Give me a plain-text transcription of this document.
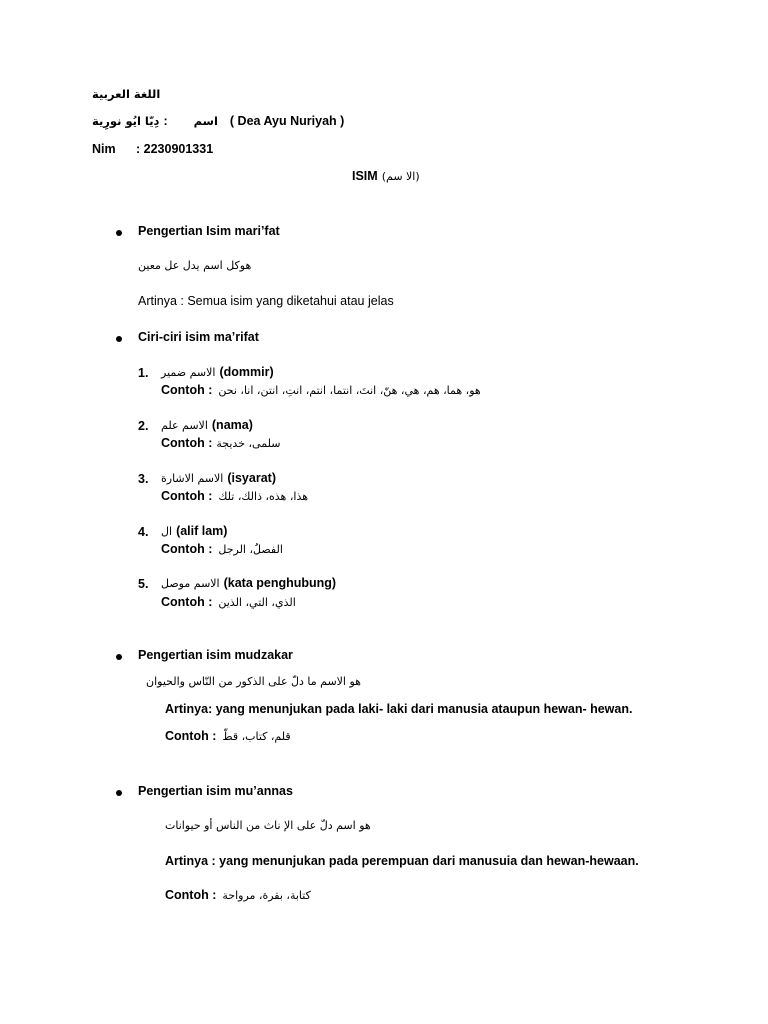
اللغة العربية
دِيّا ايُو نورِية : اسم ( Dea Ayu Nuriyah )
Nim	: 2230901331
ISIM (الا سم)
Pengertian Isim mari’fat
هوكل اسم يدل عل معين
Artinya : Semua isim yang diketahui atau jelas
Ciri-ciri isim ma’rifat
1. الاسم ضمير (dommir)
Contoh : هو، هما، هم، هي، هنّ، انتَ، انتما، انتم، انتِ، انتن، انا، نحن
2. الاسم علم (nama)
Contoh : سلمى، خديجة
3. الاسم الاشارة (isyarat)
Contoh : هذا، هذه، ذالك، تلك
4. ال (alif lam)
Contoh : الفصلُ، الرجل
5. الاسم موصل (kata penghubung)
Contoh : الذي، التي، الذين
Pengertian isim mudzakar
هو الاسم ما دلّ على الذكور من النّاس والحيوان
Artinya: yang menunjukan pada laki- laki dari manusia ataupun hewan- hewan.
Contoh : قلم، كتاب، قطّ
Pengertian isim mu’annas
هو اسم دلّ على الإ ناث من الناس أو حيوانات
Artinya : yang menunjukan pada perempuan dari manusuia dan hewan-hewaan.
Contoh : كتابة، بقرة، مرواحة
